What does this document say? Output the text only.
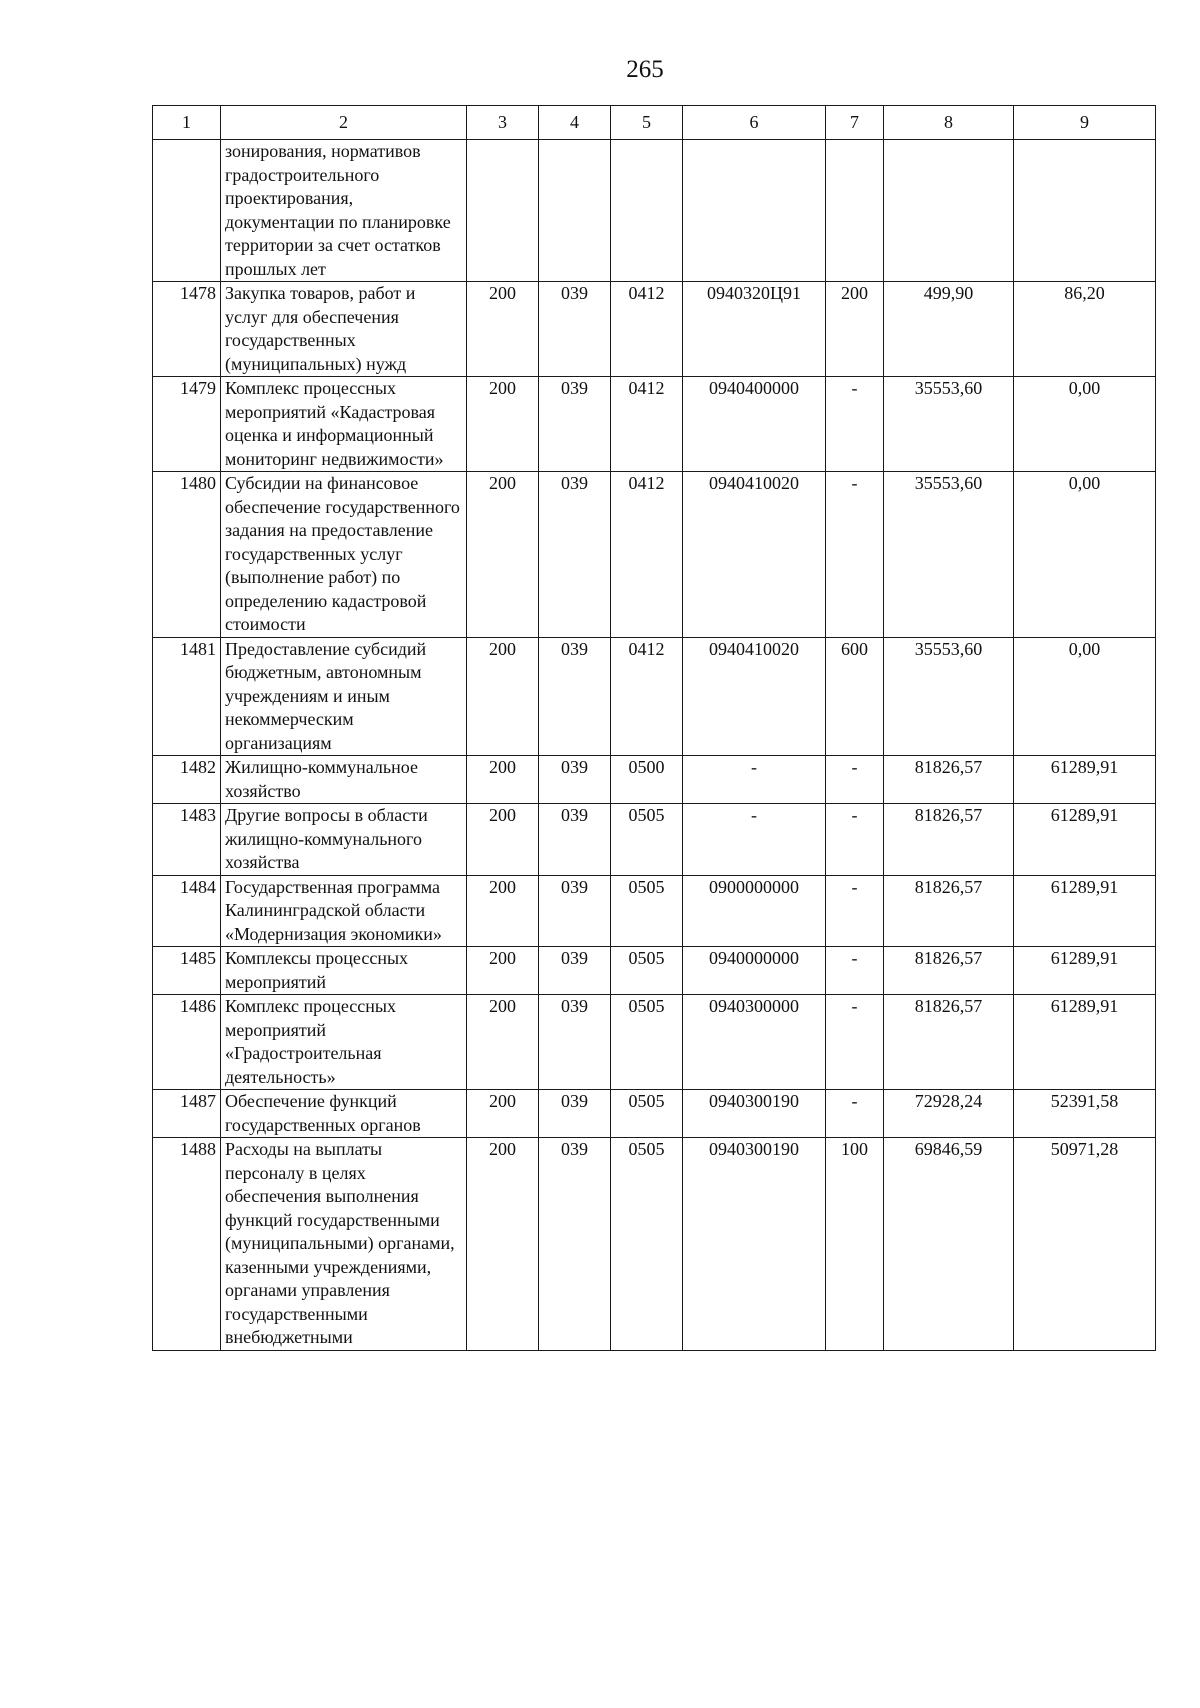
265
1	2	3	4	5	6	7	8	9
	зонирования, нормативов градостроительного проектирования, документации по планировке территории за счет остатков прошлых лет							
1478	Закупка товаров, работ и услуг для обеспечения государственных (муниципальных) нужд	200	039	0412	0940320Ц91	200	499,90	86,20
1479	Комплекс процессных мероприятий «Кадастровая оценка и информационный мониторинг недвижимости»	200	039	0412	0940400000	-	35553,60	0,00
1480	Субсидии на финансовое обеспечение государственного задания на предоставление государственных услуг (выполнение работ) по определению кадастровой стоимости	200	039	0412	0940410020	-	35553,60	0,00
1481	Предоставление субсидий бюджетным, автономным учреждениям и иным некоммерческим организациям	200	039	0412	0940410020	600	35553,60	0,00
1482	Жилищно-коммунальное хозяйство	200	039	0500	-	-	81826,57	61289,91
1483	Другие вопросы в области жилищно-коммунального хозяйства	200	039	0505	-	-	81826,57	61289,91
1484	Государственная программа Калининградской области «Модернизация экономики»	200	039	0505	0900000000	-	81826,57	61289,91
1485	Комплексы процессных мероприятий	200	039	0505	0940000000	-	81826,57	61289,91
1486	Комплекс процессных мероприятий «Градостроительная деятельность»	200	039	0505	0940300000	-	81826,57	61289,91
1487	Обеспечение функций государственных органов	200	039	0505	0940300190	-	72928,24	52391,58
1488	Расходы на выплаты персоналу в целях обеспечения выполнения функций государственными (муниципальными) органами, казенными учреждениями, органами управления государственными внебюджетными	200	039	0505	0940300190	100	69846,59	50971,28
